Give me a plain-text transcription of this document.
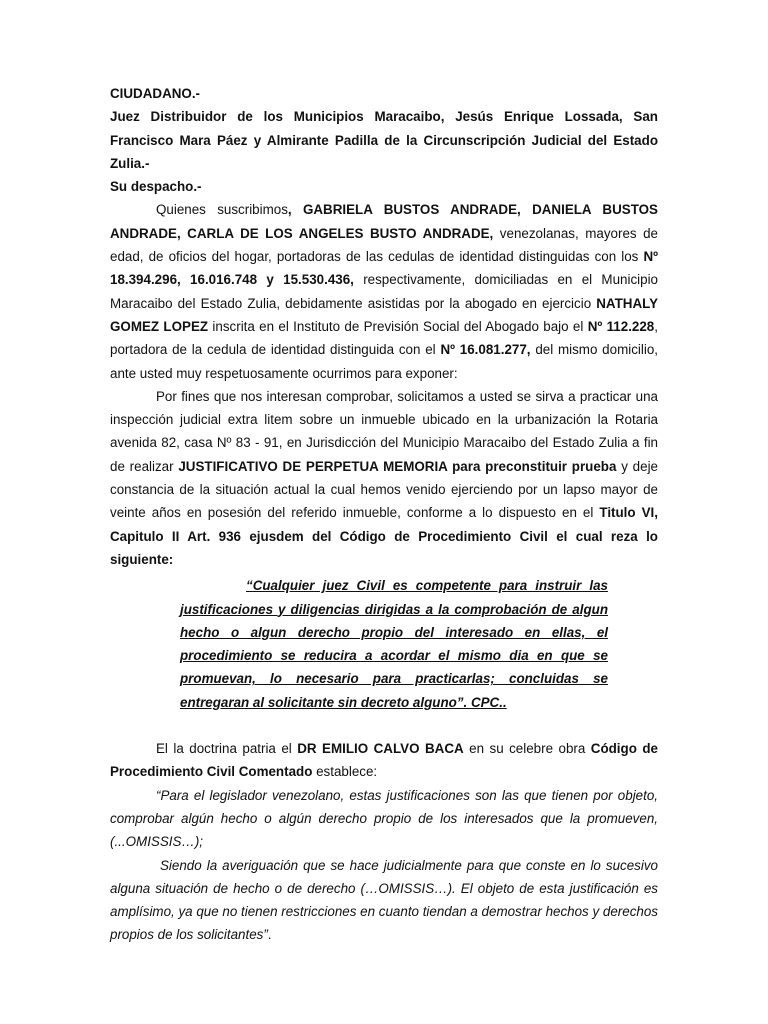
CIUDADANO.-

Juez Distribuidor de los Municipios Maracaibo, Jesús Enrique Lossada, San Francisco Mara Páez y Almirante Padilla de la Circunscripción Judicial del Estado Zulia.-

Su despacho.-

Quienes suscribimos, GABRIELA BUSTOS ANDRADE, DANIELA BUSTOS ANDRADE, CARLA DE LOS ANGELES BUSTO ANDRADE, venezolanas, mayores de edad, de oficios del hogar, portadoras de las cedulas de identidad distinguidas con los Nº 18.394.296, 16.016.748 y 15.530.436, respectivamente, domiciliadas en el Municipio Maracaibo del Estado Zulia, debidamente asistidas por la abogado en ejercicio NATHALY GOMEZ LOPEZ inscrita en el Instituto de Previsión Social del Abogado bajo el Nº 112.228, portadora de la cedula de identidad distinguida con el Nº 16.081.277, del mismo domicilio, ante usted muy respetuosamente ocurrimos para exponer:

Por fines que nos interesan comprobar, solicitamos a usted se sirva a practicar una inspección judicial extra litem sobre un inmueble ubicado en la urbanización la Rotaria avenida 82, casa Nº 83 - 91, en Jurisdicción del Municipio Maracaibo del Estado Zulia a fin de realizar JUSTIFICATIVO DE PERPETUA MEMORIA para preconstituir prueba y deje constancia de la situación actual la cual hemos venido ejerciendo por un lapso mayor de veinte años en posesión del referido inmueble, conforme a lo dispuesto en el Titulo VI, Capitulo II Art. 936 ejusdem del Código de Procedimiento Civil el cual reza lo siguiente:

“Cualquier juez Civil es competente para instruir las justificaciones y diligencias dirigidas a la comprobación de algun hecho o algun derecho propio del interesado en ellas, el procedimiento se reducira a acordar el mismo dia en que se promuevan, lo necesario para practicarlas; concluidas se entregaran al solicitante sin decreto alguno”. CPC..

El la doctrina patria el DR EMILIO CALVO BACA en su celebre obra Código de Procedimiento Civil Comentado establece:

“Para el legislador venezolano, estas justificaciones son las que tienen por objeto, comprobar algún hecho o algún derecho propio de los interesados que la promueven, (...OMISSIS…);

Siendo la averiguación que se hace judicialmente para que conste en lo sucesivo alguna situación de hecho o de derecho (…OMISSIS…). El objeto de esta justificación es amplísimo, ya que no tienen restricciones en cuanto tiendan a demostrar hechos y derechos propios de los solicitantes”.
